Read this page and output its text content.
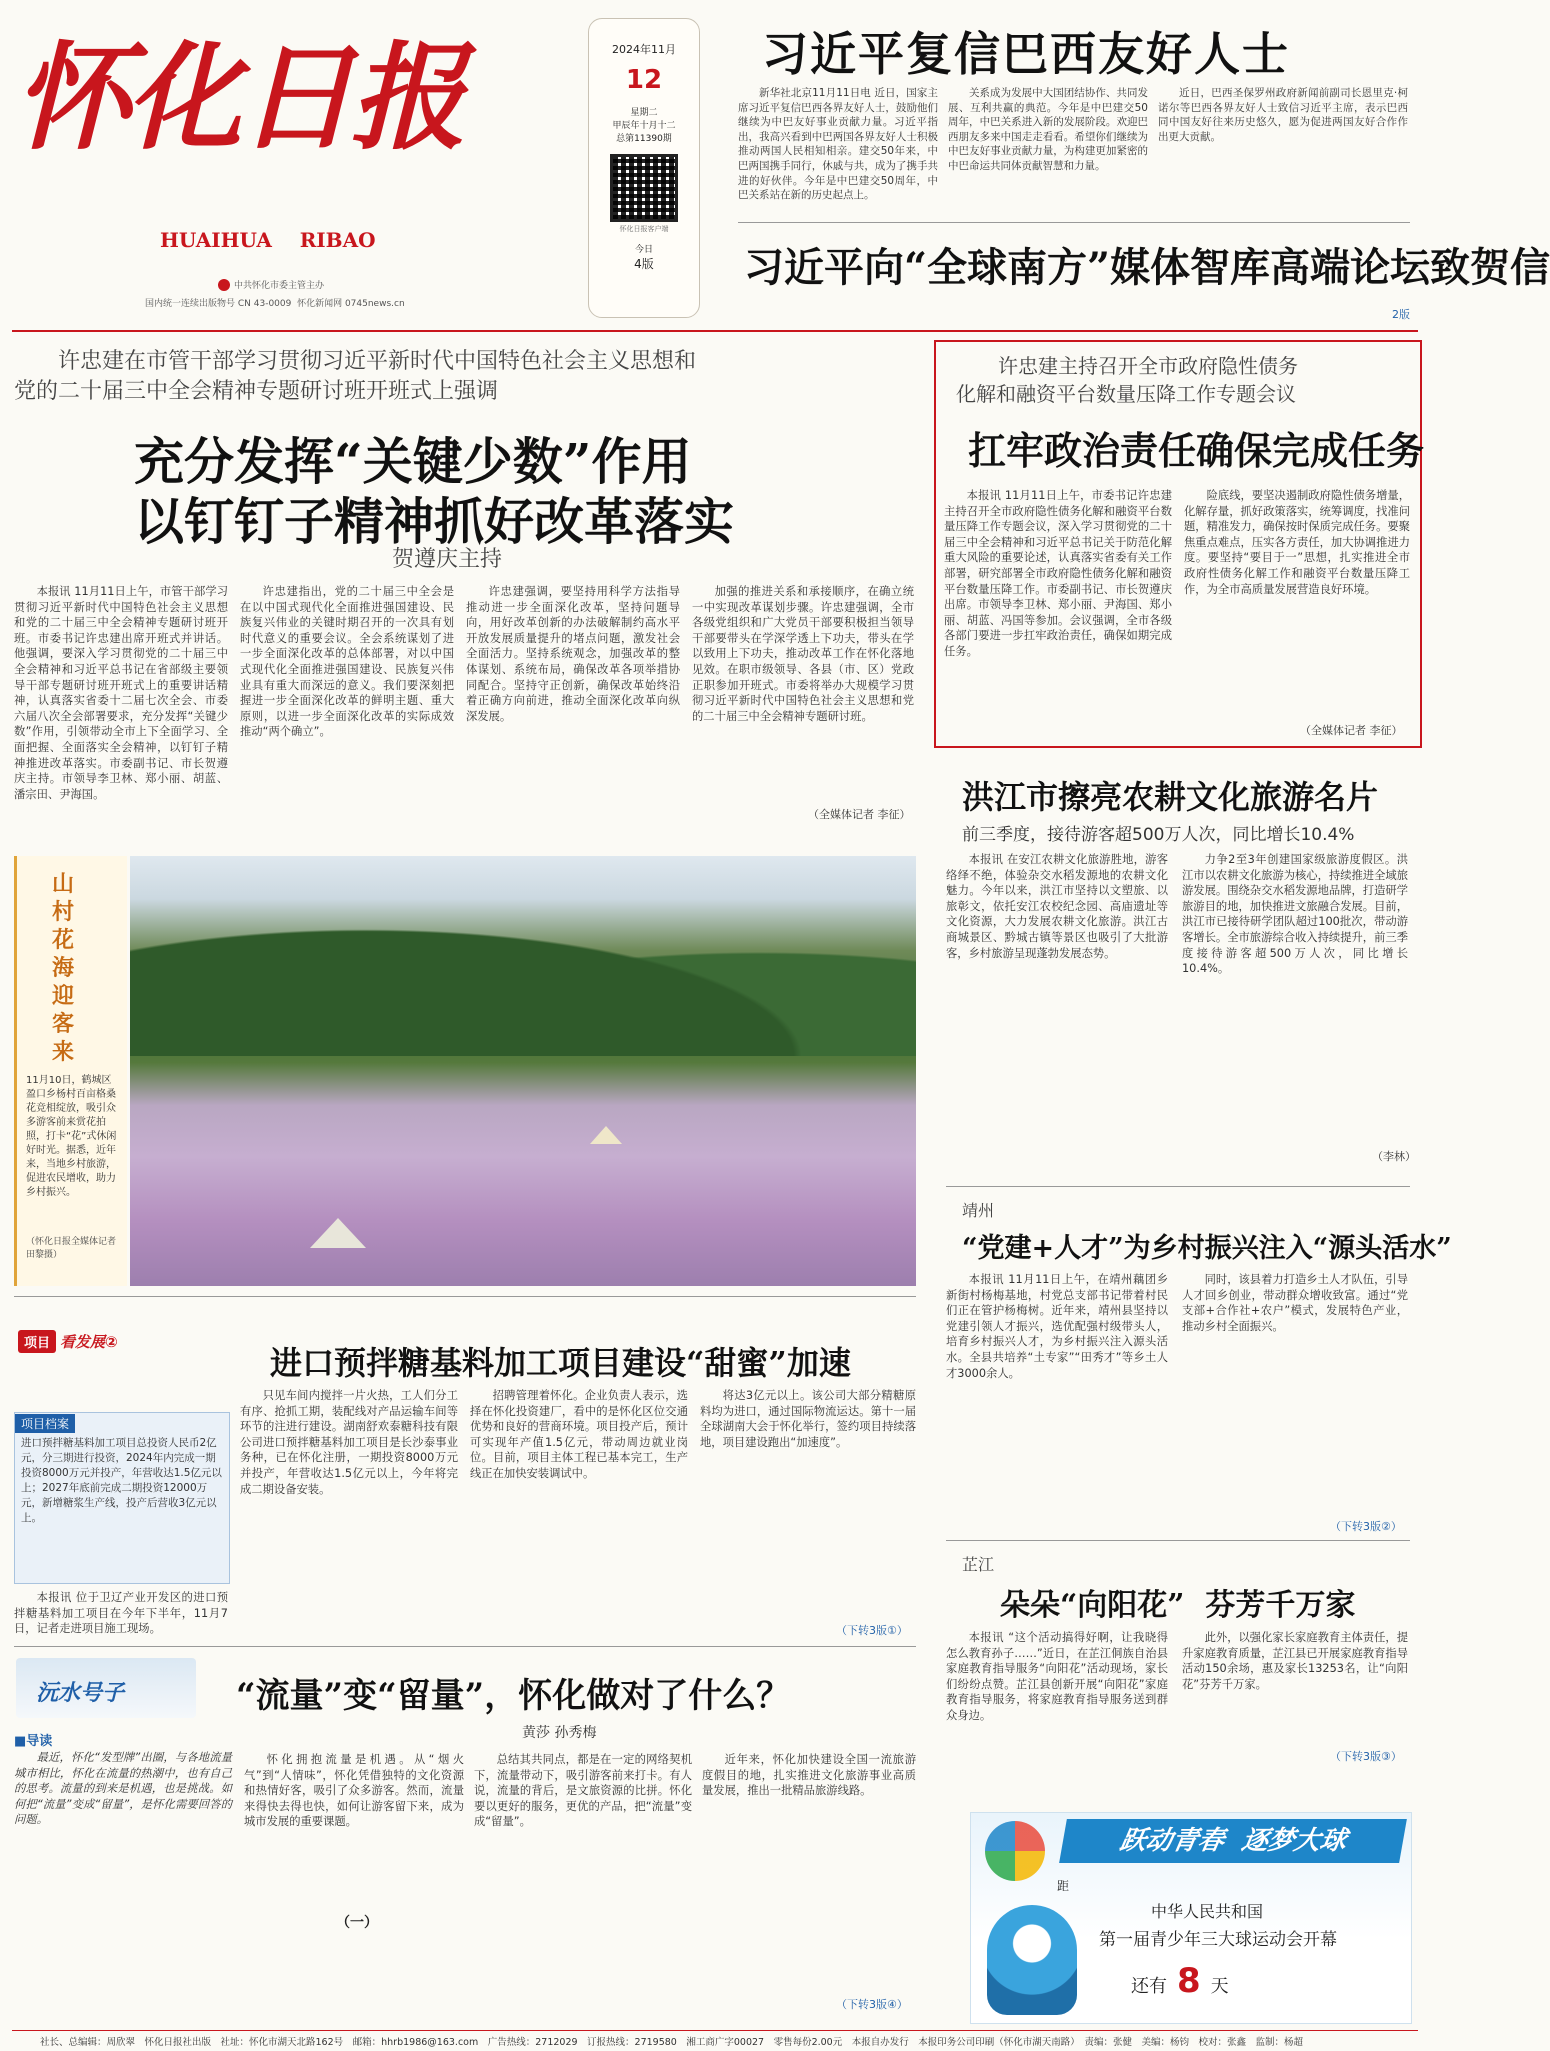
怀化日报
HUAIHUA    RIBAO
中共怀化市委主管主办
国内统一连续出版物号 CN 43-0009 怀化新闻网 0745news.cn
2024年11月
12
星期二
甲辰年十月十二
总第11390期
怀化日报客户端
今日
4版
习近平复信巴西友好人士

新华社北京11月11日电 近日，国家主席习近平复信巴西各界友好人士，鼓励他们继续为中巴友好事业贡献力量。习近平指出，我高兴看到中巴两国各界友好人士积极推动两国人民相知相亲。建交50年来，中巴两国携手同行，休戚与共，成为了携手共进的好伙伴。今年是中巴建交50周年，中巴关系站在新的历史起点上。

关系成为发展中大国团结协作、共同发展、互利共赢的典范。今年是中巴建交50周年，中巴关系进入新的发展阶段。欢迎巴西朋友多来中国走走看看。希望你们继续为中巴友好事业贡献力量，为构建更加紧密的中巴命运共同体贡献智慧和力量。

近日，巴西圣保罗州政府新闻前副司长恩里克·柯诺尔等巴西各界友好人士致信习近平主席，表示巴西同中国友好往来历史悠久，愿为促进两国友好合作作出更大贡献。

习近平向“全球南方”媒体智库高端论坛致贺信
2版
许忠建在市管干部学习贯彻习近平新时代中国特色社会主义思想和
党的二十届三中全会精神专题研讨班开班式上强调
充分发挥“关键少数”作用
以钉钉子精神抓好改革落实
贺遵庆主持

本报讯 11月11日上午，市管干部学习贯彻习近平新时代中国特色社会主义思想和党的二十届三中全会精神专题研讨班开班。市委书记许忠建出席开班式并讲话。他强调，要深入学习贯彻党的二十届三中全会精神和习近平总书记在省部级主要领导干部专题研讨班开班式上的重要讲话精神，认真落实省委十二届七次全会、市委六届八次全会部署要求，充分发挥“关键少数”作用，引领带动全市上下全面学习、全面把握、全面落实全会精神，以钉钉子精神推进改革落实。市委副书记、市长贺遵庆主持。市领导李卫林、郑小丽、胡蓝、潘宗田、尹海国。

许忠建指出，党的二十届三中全会是在以中国式现代化全面推进强国建设、民族复兴伟业的关键时期召开的一次具有划时代意义的重要会议。全会系统谋划了进一步全面深化改革的总体部署，对以中国式现代化全面推进强国建设、民族复兴伟业具有重大而深远的意义。我们要深刻把握进一步全面深化改革的鲜明主题、重大原则，以进一步全面深化改革的实际成效推动“两个确立”。

许忠建强调，要坚持用科学方法指导推动进一步全面深化改革，坚持问题导向，用好改革创新的办法破解制约高水平开放发展质量提升的堵点问题，激发社会全面活力。坚持系统观念，加强改革的整体谋划、系统布局，确保改革各项举措协同配合。坚持守正创新，确保改革始终沿着正确方向前进，推动全面深化改革向纵深发展。

加强的推进关系和承接顺序，在确立统一中实现改革谋划步骤。许忠建强调，全市各级党组织和广大党员干部要积极担当领导干部要带头在学深学透上下功夫，带头在学以致用上下功夫，推动改革工作在怀化落地见效。在职市级领导、各县（市、区）党政正职参加开班式。市委将举办大规模学习贯彻习近平新时代中国特色社会主义思想和党的二十届三中全会精神专题研讨班。

（全媒体记者 李征）
许忠建主持召开全市政府隐性债务
化解和融资平台数量压降工作专题会议
扛牢政治责任 确保完成任务

本报讯 11月11日上午，市委书记许忠建主持召开全市政府隐性债务化解和融资平台数量压降工作专题会议，深入学习贯彻党的二十届三中全会精神和习近平总书记关于防范化解重大风险的重要论述，认真落实省委有关工作部署，研究部署全市政府隐性债务化解和融资平台数量压降工作。市委副书记、市长贺遵庆出席。市领导李卫林、郑小丽、尹海国、郑小丽、胡蓝、冯国等参加。会议强调，全市各级各部门要进一步扛牢政治责任，确保如期完成任务。

险底线，要坚决遏制政府隐性债务增量，化解存量，抓好政策落实，统筹调度，找准问题，精准发力，确保按时保质完成任务。要聚焦重点难点，压实各方责任，加大协调推进力度。要坚持“要目于一”思想，扎实推进全市政府性债务化解工作和融资平台数量压降工作，为全市高质量发展营造良好环境。

（全媒体记者 李征）
洪江市擦亮农耕文化旅游名片
前三季度，接待游客超500万人次，同比增长10.4%

本报讯 在安江农耕文化旅游胜地，游客络绎不绝，体验杂交水稻发源地的农耕文化魅力。今年以来，洪江市坚持以文塑旅、以旅彰文，依托安江农校纪念园、高庙遗址等文化资源，大力发展农耕文化旅游。洪江古商城景区、黔城古镇等景区也吸引了大批游客，乡村旅游呈现蓬勃发展态势。

力争2至3年创建国家级旅游度假区。洪江市以农耕文化旅游为核心，持续推进全域旅游发展。围绕杂交水稻发源地品牌，打造研学旅游目的地，加快推进文旅融合发展。目前，洪江市已接待研学团队超过100批次，带动游客增长。全市旅游综合收入持续提升，前三季度接待游客超500万人次，同比增长10.4%。

（李林）
山村花海迎客来
11月10日，鹤城区盈口乡杨村百亩格桑花竞相绽放，吸引众多游客前来赏花拍照，打卡“花”式休闲好时光。据悉，近年来，当地乡村旅游，促进农民增收，助力乡村振兴。
（怀化日报全媒体记者 田黎摄）
项目 看发展②
进口预拌糖基料加工项目建设“甜蜜”加速
项目档案
进口预拌糖基料加工项目总投资人民币2亿元，分三期进行投资，2024年内完成一期投资8000万元并投产，年营收达1.5亿元以上；2027年底前完成二期投资12000万元，新增糖浆生产线，投产后营收3亿元以上。

本报讯 位于卫辽产业开发区的进口预拌糖基料加工项目在今年下半年，11月7日，记者走进项目施工现场。

只见车间内搅拌一片火热，工人们分工有序、抢抓工期，装配线对产品运输车间等环节的注进行建设。湖南舒欢泰糖科技有限公司进口预拌糖基料加工项目是长沙泰事业务种，已在怀化注册，一期投资8000万元并投产，年营收达1.5亿元以上，今年将完成二期设备安装。

招聘管理着怀化。企业负责人表示，选择在怀化投资建厂，看中的是怀化区位交通优势和良好的营商环境。项目投产后，预计可实现年产值1.5亿元，带动周边就业岗位。目前，项目主体工程已基本完工，生产线正在加快安装调试中。

将达3亿元以上。该公司大部分精糖原料均为进口，通过国际物流运达。第十一届全球湖南大会于怀化举行，签约项目持续落地，项目建设跑出“加速度”。

（下转3版①）
沅水号子	“流量”变“留量”，怀化做对了什么？
黄莎 孙秀梅
■导读

最近，怀化“发型牌”出圈，与各地流量城市相比，怀化在流量的热潮中，也有自己的思考。流量的到来是机遇，也是挑战。如何把“流量”变成“留量”，是怀化需要回答的问题。

怀化拥抱流量是机遇。从“烟火气”到“人情味”，怀化凭借独特的文化资源和热情好客，吸引了众多游客。然而，流量来得快去得也快，如何让游客留下来，成为城市发展的重要课题。

（一）

总结其共同点，都是在一定的网络契机下，流量带动下，吸引游客前来打卡。有人说，流量的背后，是文旅资源的比拼。怀化要以更好的服务，更优的产品，把“流量”变成“留量”。

近年来，怀化加快建设全国一流旅游度假目的地，扎实推进文化旅游事业高质量发展，推出一批精品旅游线路。

（下转3版④）
靖州
“党建+人才”为乡村振兴注入“源头活水”

本报讯 11月11日上午，在靖州藕团乡新街村杨梅基地，村党总支部书记带着村民们正在管护杨梅树。近年来，靖州县坚持以党建引领人才振兴，选优配强村级带头人，培育乡村振兴人才，为乡村振兴注入源头活水。全县共培养“土专家”“田秀才”等乡土人才3000余人。

同时，该县着力打造乡土人才队伍，引导人才回乡创业，带动群众增收致富。通过“党支部+合作社+农户”模式，发展特色产业，推动乡村全面振兴。

（下转3版②）
芷江
朵朵“向阳花”  芬芳千万家

本报讯 “这个活动搞得好啊，让我晓得怎么教育孙子……”近日，在芷江侗族自治县家庭教育指导服务“向阳花”活动现场，家长们纷纷点赞。芷江县创新开展“向阳花”家庭教育指导服务，将家庭教育指导服务送到群众身边。

此外，以强化家长家庭教育主体责任，提升家庭教育质量，芷江县已开展家庭教育指导活动150余场，惠及家长13253名，让“向阳花”芬芳千万家。

（下转3版③）
跃动青春  逐梦大球
距
中华人民共和国
第一届青少年三大球运动会开幕
还有 8 天
社长、总编辑：周欣翠　怀化日报社出版　社址：怀化市湖天北路162号　邮箱：hhrb1986@163.com　广告热线：2712029　订报热线：2719580　湘工商广字00027　零售每份2.00元　本报自办发行　本报印务公司印刷（怀化市湖天南路）　责编：张健　美编：杨钧　校对：张鑫　监制：杨超
